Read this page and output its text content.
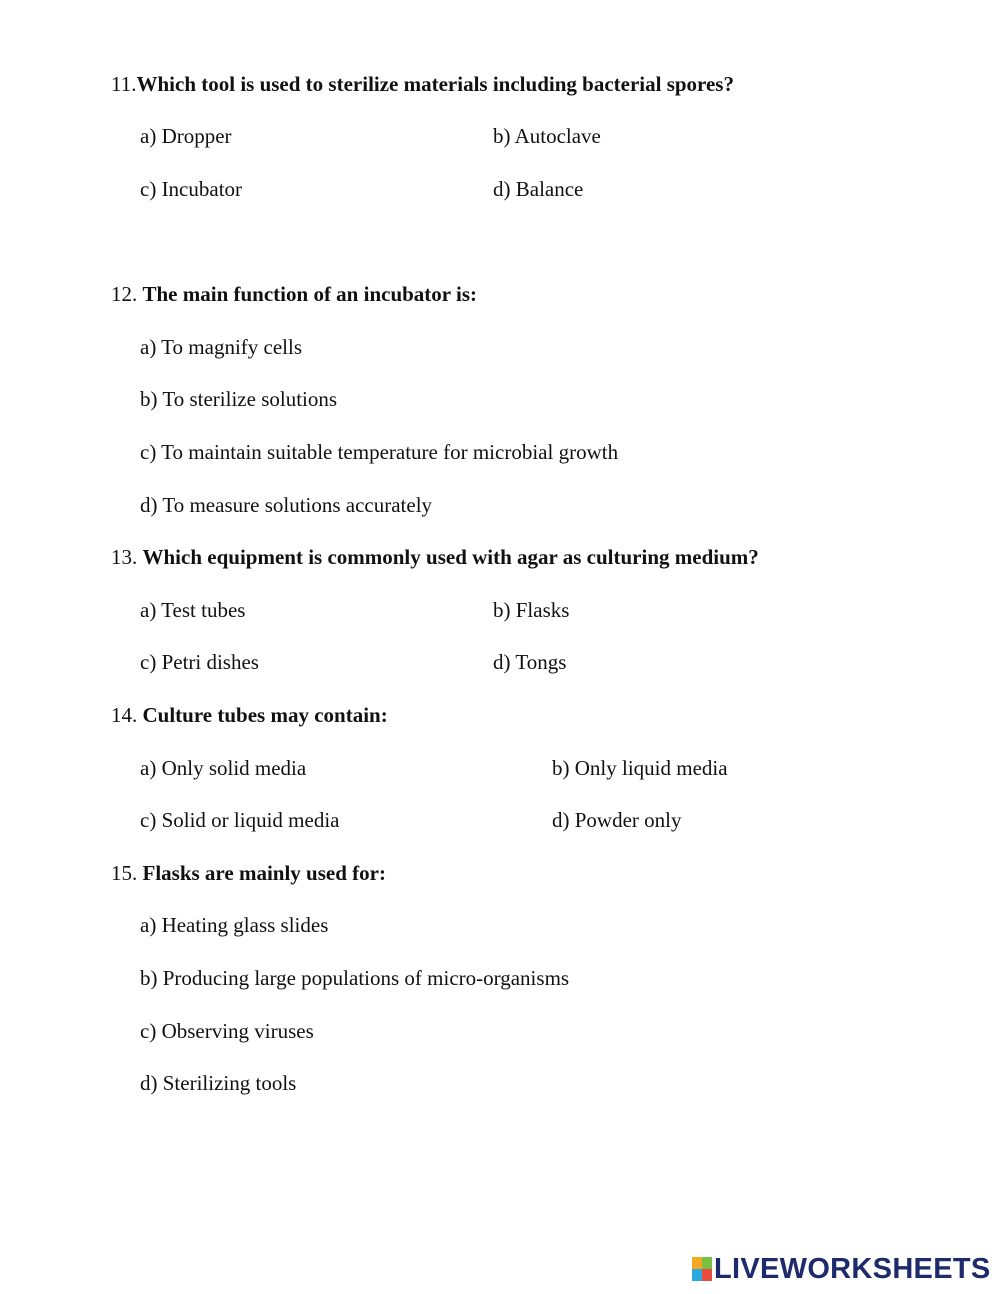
11.Which tool is used to sterilize materials including bacterial spores?
a) Dropper	b) Autoclave
c) Incubator	d) Balance
12. The main function of an incubator is:
a) To magnify cells
b) To sterilize solutions
c) To maintain suitable temperature for microbial growth
d) To measure solutions accurately
13. Which equipment is commonly used with agar as culturing medium?
a) Test tubes	b) Flasks
c) Petri dishes	d) Tongs
14. Culture tubes may contain:
a) Only solid media	b) Only liquid media
c) Solid or liquid media	d) Powder only
15. Flasks are mainly used for:
a) Heating glass slides
b) Producing large populations of micro-organisms
c) Observing viruses
d) Sterilizing tools
LIVEWORKSHEETS
